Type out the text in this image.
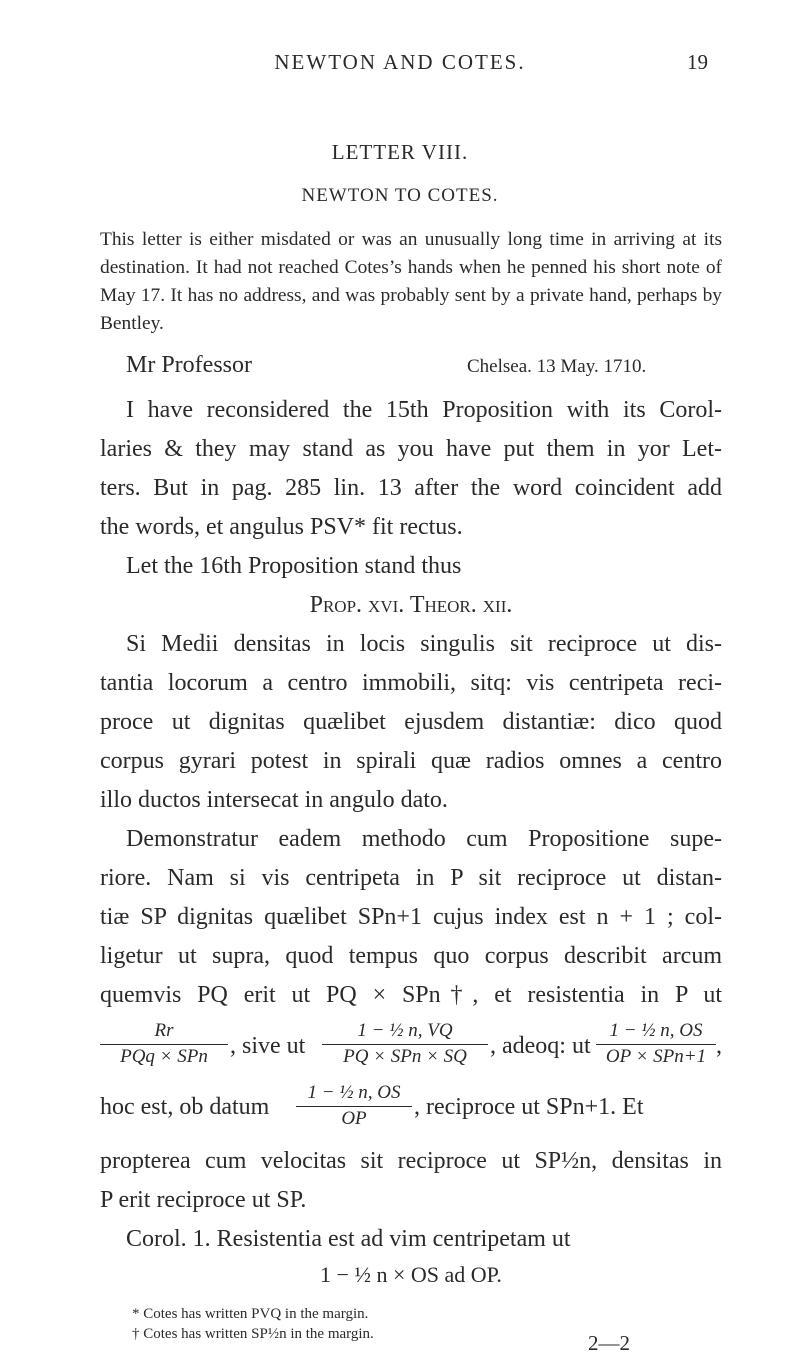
NEWTON AND COTES.	19
LETTER VIII.
NEWTON TO COTES.

This letter is either misdated or was an unusually long time in arriving at its destination. It had not reached Cotes’s hands when he penned his short note of May 17. It has no address, and was probably sent by a private hand, perhaps by Bentley.

Mr Professor	Chelsea. 13 May. 1710.
I have reconsidered the 15th Proposition with its Corol-
laries & they may stand as you have put them in yor Let-
ters. But in pag. 285 lin. 13 after the word coincident add
the words, et angulus PSV* fit rectus.
Let the 16th Proposition stand thus
Prop. xvi. Theor. xii.
Si Medii densitas in locis singulis sit reciproce ut dis-
tantia locorum a centro immobili, sitq: vis centripeta reci-
proce ut dignitas quælibet ejusdem distantiæ: dico quod
corpus gyrari potest in spirali quæ radios omnes a centro
illo ductos intersecat in angulo dato.
Demonstratur eadem methodo cum Propositione supe-
riore. Nam si vis centripeta in P sit reciproce ut distan-
tiæ SP dignitas quælibet SPn+1 cujus index est n + 1 ; col-
ligetur ut supra, quod tempus quo corpus describit arcum
quemvis PQ erit ut PQ × SPn†, et resistentia in P ut
Rr
PQq × SPn , sive ut
1 − ½ n, VQ
PQ × SPn × SQ , adeoq: ut
1 − ½ n, OS
OP × SPn+1 ,
hoc est, ob datum $\frac{\text{1 − ½ n, OS}}{OP}$ , reciproce ut SPn+1. Et
propterea cum velocitas sit reciproce ut SP½n, densitas in
P erit reciproce ut SP.
Corol. 1. Resistentia est ad vim centripetam ut
1 − ½ n × OS ad OP.
* Cotes has written PVQ in the margin.
† Cotes has written SP½n in the margin.	2—2
